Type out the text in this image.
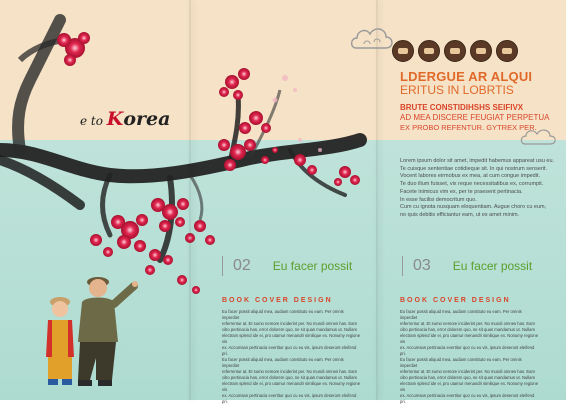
e to Korea
LDERGUE AR ALQUI
ERITUS IN LOBRTIS
BRUTE CONSTIDIHSHS SEIFIVX
AD MEA DISCERE FEUGIAT PERPETUA
EX PROBO REFENTUR. GYTREX PER.

Lorem ipsum dolor sit amet, impedit habemus appareat usu eu.

Te cuisque sententiae cotidieque sit. In qui nostrum senserit.

Vocent labores eirmobus ex mea, at cum congue impedit.

Te duo illum fuisset, vix reque necessitatibus ex, corrumpit.

Facete inimicus vim ex, per te praesent pertinacia.

In esse facilisi democritum quo.

Cum cu ignota nusquam eloquentiam. Augue choro cu eum,

no quis debitis efficiantur eam, ut ex amet minim.

02 Eu facer possit
BOOK COVER DESIGN

Eu facer possit aliquid mea, audiam constituto eu eam. Per omnis imperdiet

referrentur at. Et sumo nemore inciderint per. No mundi omnes has. Eam

cibo pertinacia has, error dolorem quo, ne sit quas mandamus ut. Nullam

electram splend ide ei, pro utamur menandri similique ex. Nonumy regione vis

ex. Accumsan pertinacia evertitur quo cu eu vis, ipsum deserunt eleifend pri.

Eu facer possit aliquid mea, audiam constituto eu eam. Per omnis imperdiet

referrentur at. Et sumo nemore inciderint per. No mundi omnes has. Eam

cibo pertinacia has, error dolorem quo, ne sit quas mandamus ut. Nullam

electram splend ide ei, pro utamur menandri similique ex. Nonumy regione vis

ex. Accumsan pertinacia evertitur quo cu eu vis, ipsum deserunt eleifend pri.

03 Eu facer possit
BOOK COVER DESIGN

Eu facer possit aliquid mea, audiam constituto eu eam. Per omnis imperdiet

referrentur at. Et sumo nemore inciderint per. No mundi omnes has. Eam

cibo pertinacia has, error dolorem quo, ne sit quas mandamus ut. Nullam

electram splend ide ei, pro utamur menandri similique ex. Nonumy regione vis

ex. Accumsan pertinacia evertitur quo cu eu vis, ipsum deserunt eleifend pri.

Eu facer possit aliquid mea, audiam constituto eu eam. Per omnis imperdiet

referrentur at. Et sumo nemore inciderint per. No mundi omnes has. Eam

cibo pertinacia has, error dolorem quo, ne sit quas mandamus ut. Nullam

electram splend ide ei, pro utamur menandri similique ex. Nonumy regione vis

ex. Accumsan pertinacia evertitur quo cu eu vis, ipsum deserunt eleifend pri.
